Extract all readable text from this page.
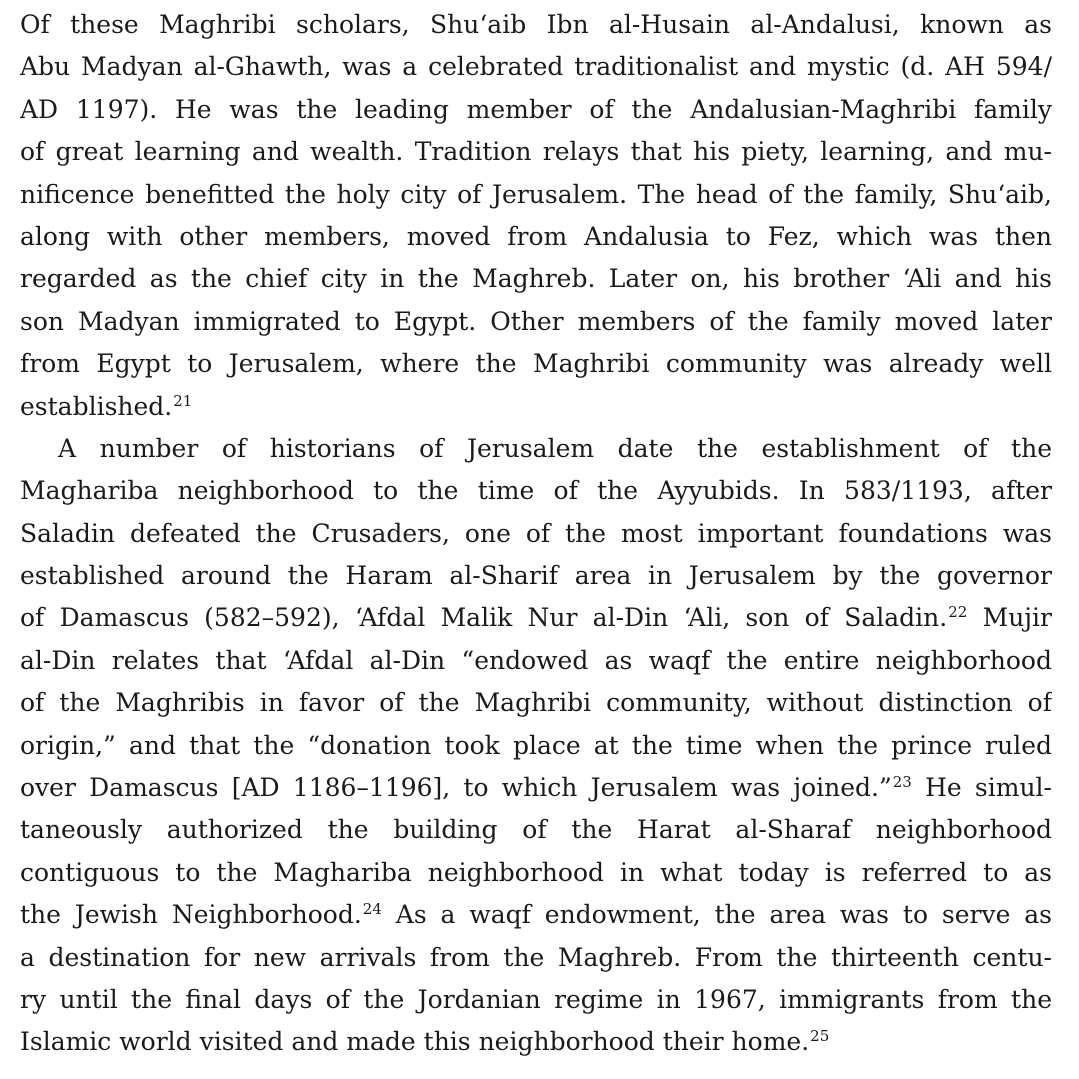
Of these Maghribi scholars, Shu‘aib Ibn al-Husain al-Andalusi, known as
Abu Madyan al-Ghawth, was a celebrated traditionalist and mystic (d. AH 594/
AD 1197). He was the leading member of the Andalusian-Maghribi family
of great learning and wealth. Tradition relays that his piety, learning, and mu-
nificence benefitted the holy city of Jerusalem. The head of the family, Shu‘aib,
along with other members, moved from Andalusia to Fez, which was then
regarded as the chief city in the Maghreb. Later on, his brother ‘Ali and his
son Madyan immigrated to Egypt. Other members of the family moved later
from Egypt to Jerusalem, where the Maghribi community was already well
established.$^{21}$
A number of historians of Jerusalem date the establishment of the
Maghariba neighborhood to the time of the Ayyubids. In 583/1193, after
Saladin defeated the Crusaders, one of the most important foundations was
established around the Haram al-Sharif area in Jerusalem by the governor
of Damascus (582–592), ‘Afdal Malik Nur al-Din ‘Ali, son of Saladin.$^{22}$ Mujir
al-Din relates that ‘Afdal al-Din “endowed as waqf the entire neighborhood
of the Maghribis in favor of the Maghribi community, without distinction of
origin,” and that the “donation took place at the time when the prince ruled
over Damascus [AD 1186–1196], to which Jerusalem was joined.”$^{23}$ He simul-
taneously authorized the building of the Harat al-Sharaf neighborhood
contiguous to the Maghariba neighborhood in what today is referred to as
the Jewish Neighborhood.$^{24}$ As a waqf endowment, the area was to serve as
a destination for new arrivals from the Maghreb. From the thirteenth centu-
ry until the final days of the Jordanian regime in 1967, immigrants from the
Islamic world visited and made this neighborhood their home.$^{25}$
